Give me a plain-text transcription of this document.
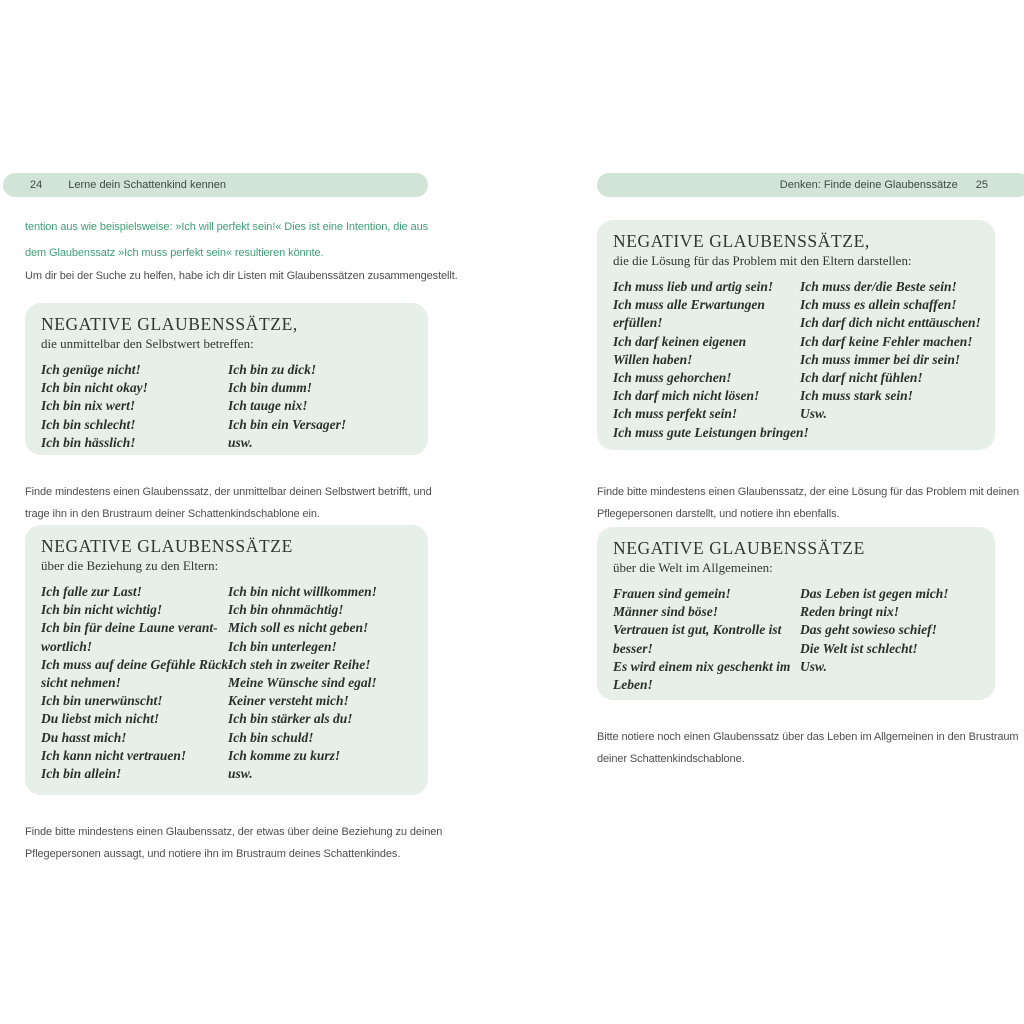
24 Lerne dein Schattenkind kennen
tention aus wie beispielsweise: »Ich will perfekt sein!« Dies ist eine Intention, die aus
dem Glaubenssatz »Ich muss perfekt sein« resultieren könnte.
Um dir bei der Suche zu helfen, habe ich dir Listen mit Glaubenssätzen zusammengestellt.
NEGATIVE GLAUBENSSÄTZE,
die unmittelbar den Selbstwert betreffen:
Ich genüge nicht!
Ich bin nicht okay!
Ich bin nix wert!
Ich bin schlecht!
Ich bin hässlich!
Ich bin zu dick!
Ich bin dumm!
Ich tauge nix!
Ich bin ein Versager!
usw.
Finde mindestens einen Glaubenssatz, der unmittelbar deinen Selbstwert betrifft, und
trage ihn in den Brustraum deiner Schattenkindschablone ein.
NEGATIVE GLAUBENSSÄTZE
über die Beziehung zu den Eltern:
Ich falle zur Last!
Ich bin nicht wichtig!
Ich bin für deine Laune verant-
wortlich!
Ich muss auf deine Gefühle Rück-
sicht nehmen!
Ich bin unerwünscht!
Du liebst mich nicht!
Du hasst mich!
Ich kann nicht vertrauen!
Ich bin allein!
Ich bin nicht willkommen!
Ich bin ohnmächtig!
Mich soll es nicht geben!
Ich bin unterlegen!
Ich steh in zweiter Reihe!
Meine Wünsche sind egal!
Keiner versteht mich!
Ich bin stärker als du!
Ich bin schuld!
Ich komme zu kurz!
usw.
Finde bitte mindestens einen Glaubenssatz, der etwas über deine Beziehung zu deinen
Pflegepersonen aussagt, und notiere ihn im Brustraum deines Schattenkindes.
Denken: Finde deine Glaubenssätze 25
NEGATIVE GLAUBENSSÄTZE,
die die Lösung für das Problem mit den Eltern darstellen:
Ich muss lieb und artig sein!
Ich muss alle Erwartungen
erfüllen!
Ich darf keinen eigenen
Willen haben!
Ich muss gehorchen!
Ich darf mich nicht lösen!
Ich muss perfekt sein!
Ich muss gute Leistungen bringen!
Ich muss der/die Beste sein!
Ich muss es allein schaffen!
Ich darf dich nicht enttäuschen!
Ich darf keine Fehler machen!
Ich muss immer bei dir sein!
Ich darf nicht fühlen!
Ich muss stark sein!
Usw.
Finde bitte mindestens einen Glaubenssatz, der eine Lösung für das Problem mit deinen
Pflegepersonen darstellt, und notiere ihn ebenfalls.
NEGATIVE GLAUBENSSÄTZE
über die Welt im Allgemeinen:
Frauen sind gemein!
Männer sind böse!
Vertrauen ist gut, Kontrolle ist
besser!
Es wird einem nix geschenkt im
Leben!
Das Leben ist gegen mich!
Reden bringt nix!
Das geht sowieso schief!
Die Welt ist schlecht!
Usw.
Bitte notiere noch einen Glaubenssatz über das Leben im Allgemeinen in den Brustraum
deiner Schattenkindschablone.
